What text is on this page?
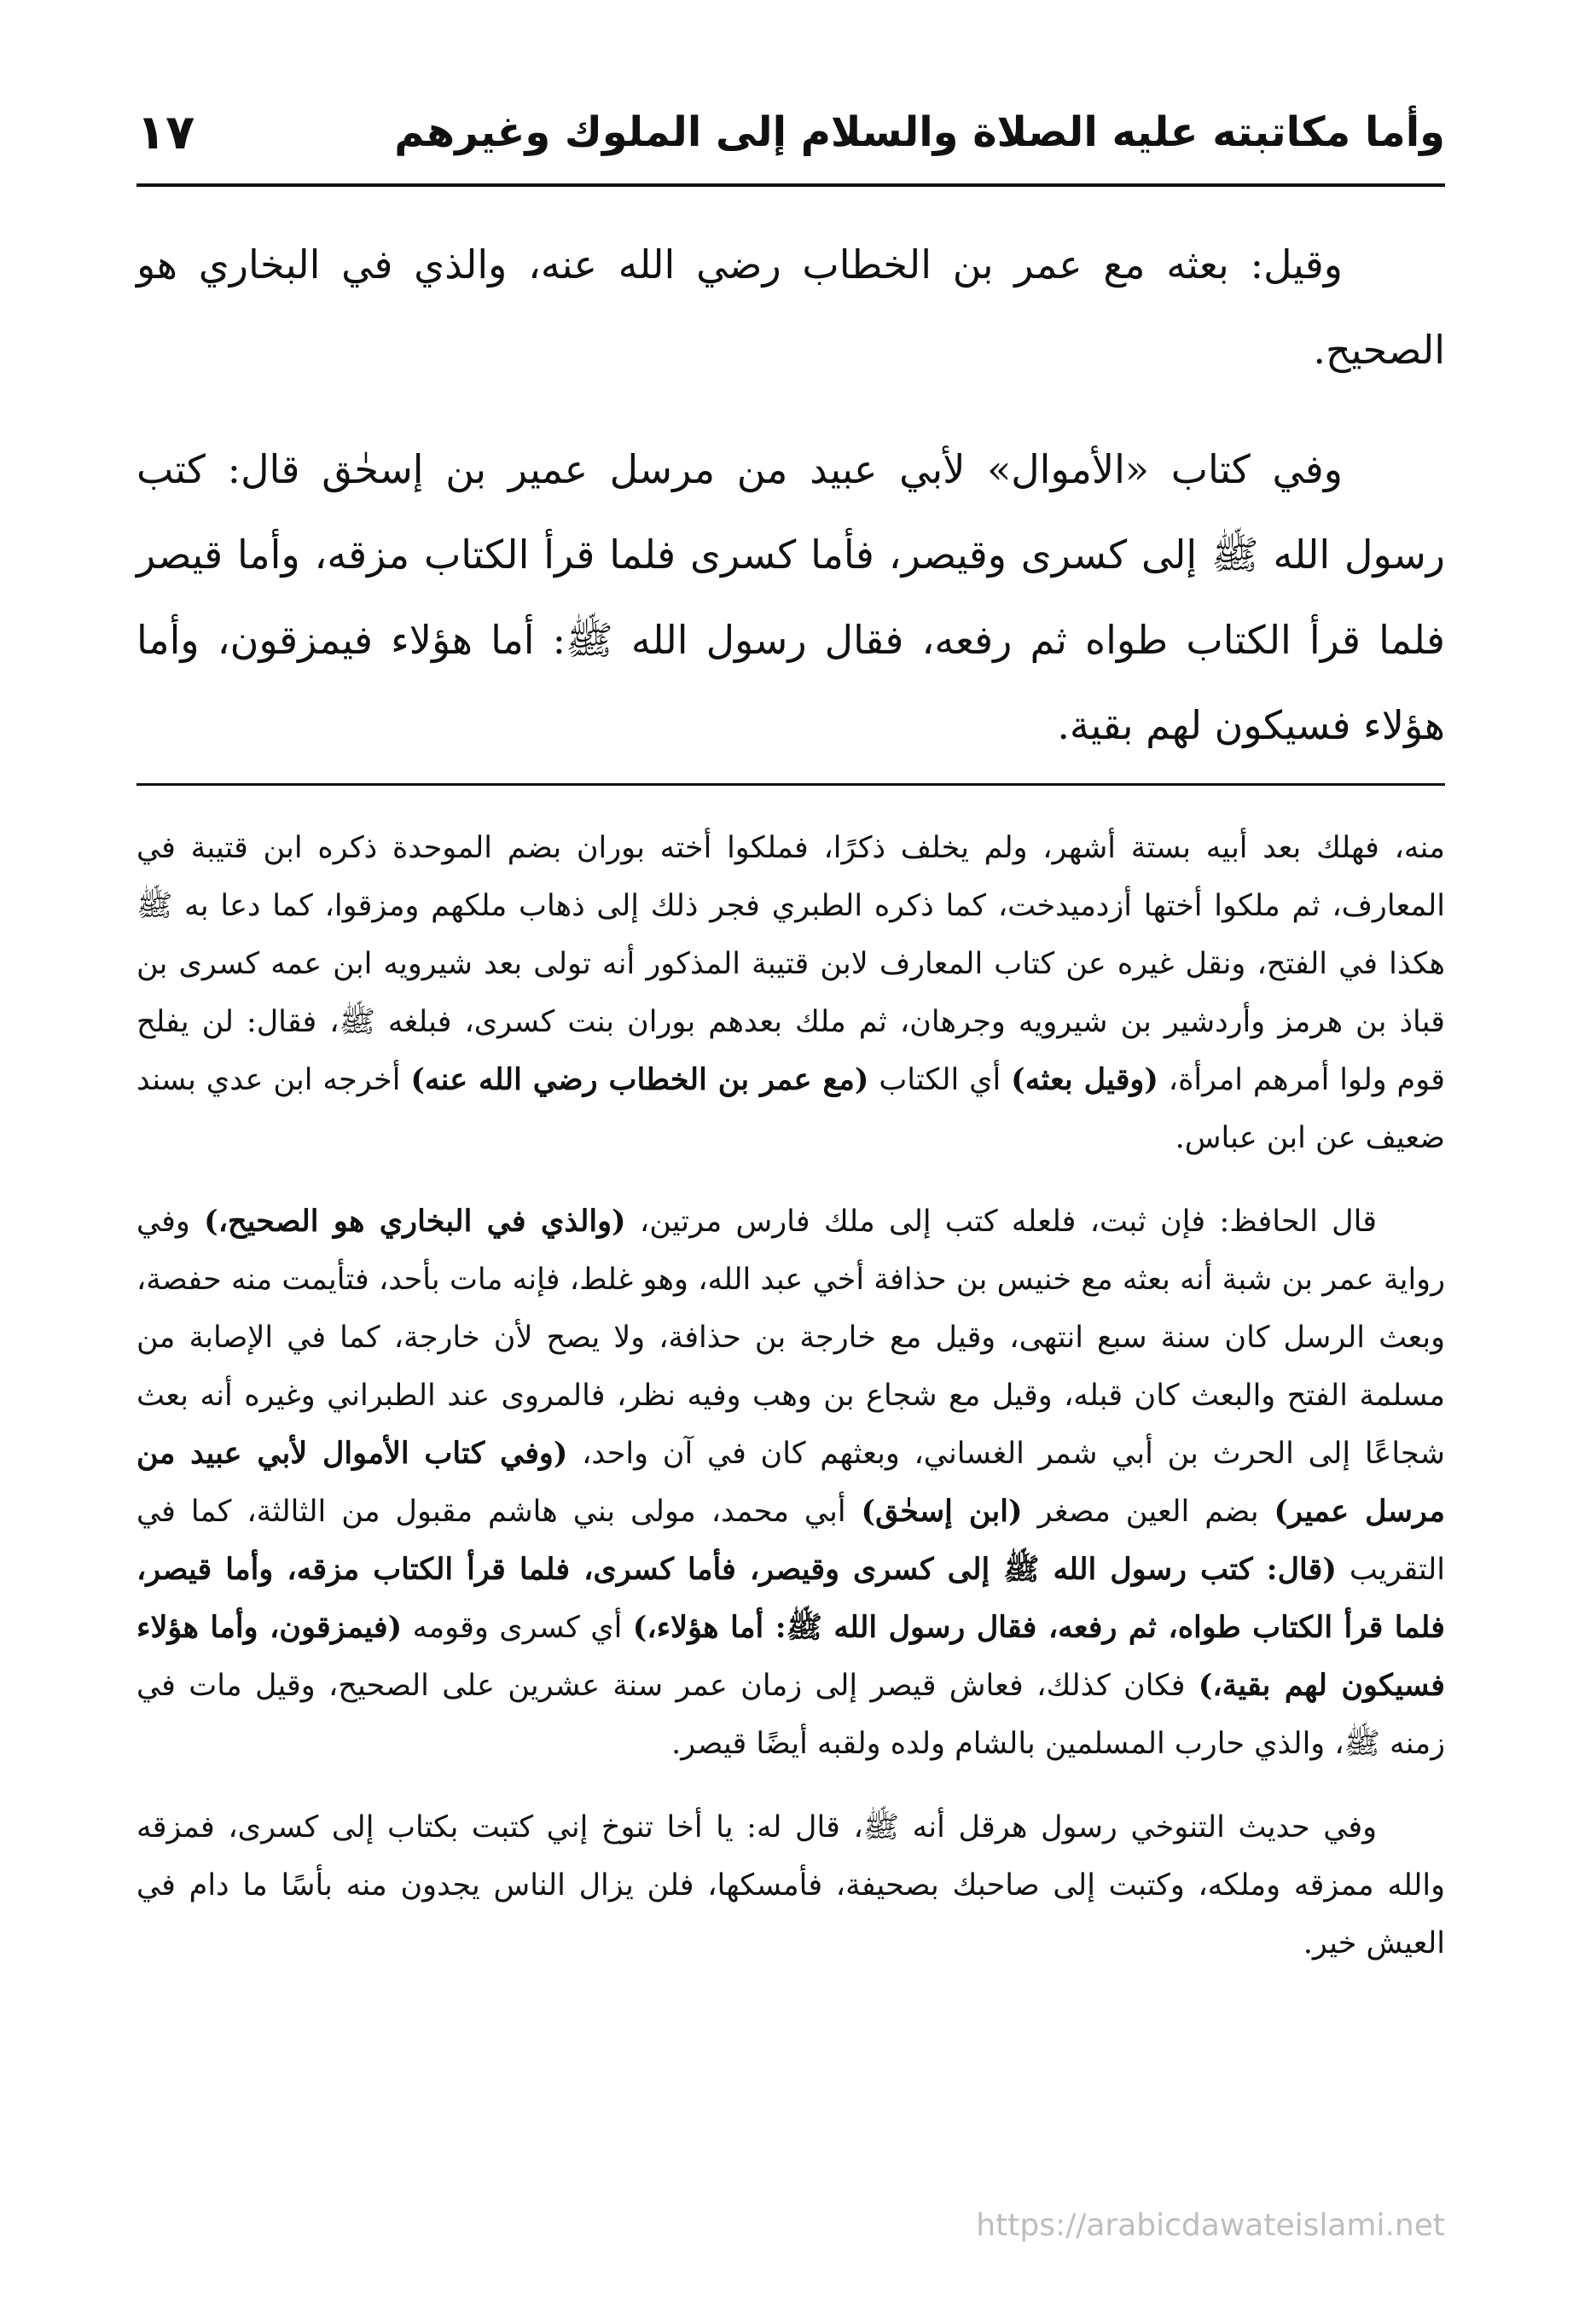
وأما مكاتبته عليه الصلاة والسلام إلى الملوك وغيرهم
١٧

وقيل: بعثه مع عمر بن الخطاب رضي الله عنه، والذي في البخاري هو الصحيح.

وفي كتاب «الأموال» لأبي عبيد من مرسل عمير بن إسحٰق قال: كتب رسول الله ﷺ إلى كسرى وقيصر، فأما كسرى فلما قرأ الكتاب مزقه، وأما قيصر فلما قرأ الكتاب طواه ثم رفعه، فقال رسول الله ﷺ: أما هؤلاء فيمزقون، وأما هؤلاء فسيكون لهم بقية.

منه، فهلك بعد أبيه بستة أشهر، ولم يخلف ذكرًا، فملكوا أخته بوران بضم الموحدة ذكره ابن قتيبة في المعارف، ثم ملكوا أختها أزدميدخت، كما ذكره الطبري فجر ذلك إلى ذهاب ملكهم ومزقوا، كما دعا به ﷺ هكذا في الفتح، ونقل غيره عن كتاب المعارف لابن قتيبة المذكور أنه تولى بعد شيرويه ابن عمه كسرى بن قباذ بن هرمز وأردشير بن شيرويه وجرهان، ثم ملك بعدهم بوران بنت كسرى، فبلغه ﷺ، فقال: لن يفلح قوم ولوا أمرهم امرأة، (وقيل بعثه) أي الكتاب (مع عمر بن الخطاب رضي الله عنه) أخرجه ابن عدي بسند ضعيف عن ابن عباس.

قال الحافظ: فإن ثبت، فلعله كتب إلى ملك فارس مرتين، (والذي في البخاري هو الصحيح،) وفي رواية عمر بن شبة أنه بعثه مع خنيس بن حذافة أخي عبد الله، وهو غلط، فإنه مات بأحد، فتأيمت منه حفصة، وبعث الرسل كان سنة سبع انتهى، وقيل مع خارجة بن حذافة، ولا يصح لأن خارجة، كما في الإصابة من مسلمة الفتح والبعث كان قبله، وقيل مع شجاع بن وهب وفيه نظر، فالمروى عند الطبراني وغيره أنه بعث شجاعًا إلى الحرث بن أبي شمر الغساني، وبعثهم كان في آن واحد، (وفي كتاب الأموال لأبي عبيد من مرسل عمير) بضم العين مصغر (ابن إسحٰق) أبي محمد، مولى بني هاشم مقبول من الثالثة، كما في التقريب (قال: كتب رسول الله ﷺ إلى كسرى وقيصر، فأما كسرى، فلما قرأ الكتاب مزقه، وأما قيصر، فلما قرأ الكتاب طواه، ثم رفعه، فقال رسول الله ﷺ: أما هؤلاء،) أي كسرى وقومه (فيمزقون، وأما هؤلاء فسيكون لهم بقية،) فكان كذلك، فعاش قيصر إلى زمان عمر سنة عشرين على الصحيح، وقيل مات في زمنه ﷺ، والذي حارب المسلمين بالشام ولده ولقبه أيضًا قيصر.

وفي حديث التنوخي رسول هرقل أنه ﷺ، قال له: يا أخا تنوخ إني كتبت بكتاب إلى كسرى، فمزقه والله ممزقه وملكه، وكتبت إلى صاحبك بصحيفة، فأمسكها، فلن يزال الناس يجدون منه بأسًا ما دام في العيش خير.

https://arabicdawateislami.net
